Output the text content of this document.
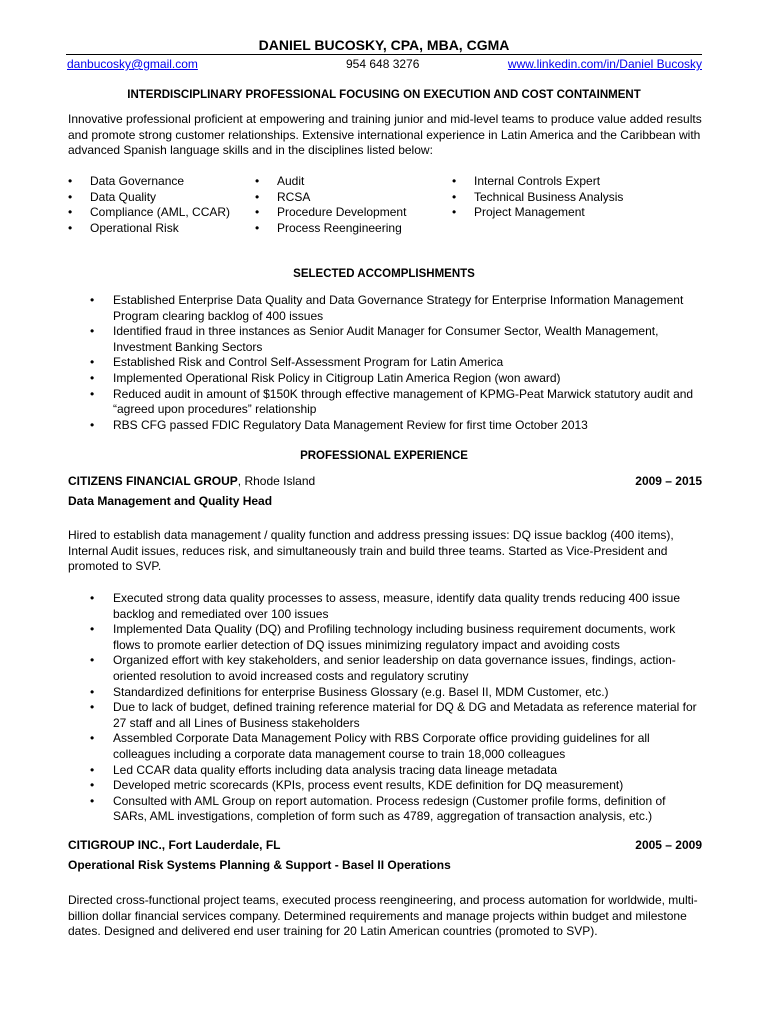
DANIEL BUCOSKY, CPA, MBA, CGMA
danbucosky@gmail.com	954 648 3276	www.linkedin.com/in/Daniel Bucosky
INTERDISCIPLINARY PROFESSIONAL FOCUSING ON EXECUTION AND COST CONTAINMENT
Innovative professional proficient at empowering and training junior and mid-level teams to produce value added results and promote strong customer relationships. Extensive international experience in Latin America and the Caribbean with advanced Spanish language skills and in the disciplines listed below:
• Data Governance
• Data Quality
• Compliance (AML, CCAR)
• Operational Risk
• Audit
• RCSA
• Procedure Development
• Process Reengineering
• Internal Controls Expert
• Technical Business Analysis
• Project Management
SELECTED ACCOMPLISHMENTS
• Established Enterprise Data Quality and Data Governance Strategy for Enterprise Information Management Program clearing backlog of 400 issues
• Identified fraud in three instances as Senior Audit Manager for Consumer Sector, Wealth Management, Investment Banking Sectors
• Established Risk and Control Self-Assessment Program for Latin America
• Implemented Operational Risk Policy in Citigroup Latin America Region (won award)
• Reduced audit in amount of $150K through effective management of KPMG-Peat Marwick statutory audit and “agreed upon procedures” relationship
• RBS CFG passed FDIC Regulatory Data Management Review for first time October 2013
PROFESSIONAL EXPERIENCE
CITIZENS FINANCIAL GROUP, Rhode Island	2009 – 2015
Data Management and Quality Head
Hired to establish data management / quality function and address pressing issues: DQ issue backlog (400 items), Internal Audit issues, reduces risk, and simultaneously train and build three teams. Started as Vice-President and promoted to SVP.
• Executed strong data quality processes to assess, measure, identify data quality trends reducing 400 issue backlog and remediated over 100 issues
• Implemented Data Quality (DQ) and Profiling technology including business requirement documents, work flows to promote earlier detection of DQ issues minimizing regulatory impact and avoiding costs
• Organized effort with key stakeholders, and senior leadership on data governance issues, findings, action-oriented resolution to avoid increased costs and regulatory scrutiny
• Standardized definitions for enterprise Business Glossary (e.g. Basel II, MDM Customer, etc.)
• Due to lack of budget, defined training reference material for DQ & DG and Metadata as reference material for 27 staff and all Lines of Business stakeholders
• Assembled Corporate Data Management Policy with RBS Corporate office providing guidelines for all colleagues including a corporate data management course to train 18,000 colleagues
• Led CCAR data quality efforts including data analysis tracing data lineage metadata
• Developed metric scorecards (KPIs, process event results, KDE definition for DQ measurement)
• Consulted with AML Group on report automation. Process redesign (Customer profile forms, definition of SARs, AML investigations, completion of form such as 4789, aggregation of transaction analysis, etc.)
CITIGROUP INC., Fort Lauderdale, FL	2005 – 2009
Operational Risk Systems Planning & Support - Basel II Operations
Directed cross-functional project teams, executed process reengineering, and process automation for worldwide, multi-billion dollar financial services company. Determined requirements and manage projects within budget and milestone dates. Designed and delivered end user training for 20 Latin American countries (promoted to SVP).
